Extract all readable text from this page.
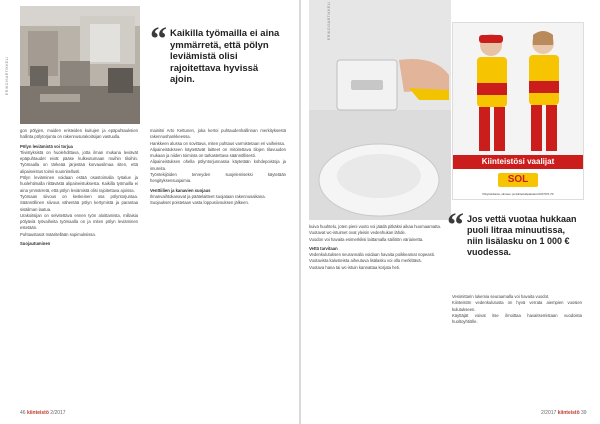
ERIKOISARTIKKELI
“ Kaikilla työmailla ei aina ymmärretä, että pölyn leviämistä olisi rajoitettava hyvissä ajoin.

gon pölyjen, muiden eristeiden kuitujen ja epäpuhtauksien hallinta pölytorjunta on rakennusurakoitsijan vastuulla.

Pölyn leviämistä voi torjua

Tiivistyksistä on huolehdittava, jotta ilman mukana leviävät epäpuhtaudet eivät pääse kulkeutumaan muihin tiloihin. Työmaalla on tärkeää järjestää korvausilmaa siten, että alipaineistus toimii suunnitellusti.

Pölyn leviäminen voidaan estää osastoimalla työalue ja huolehtimalla riittävästä alipaineistuksesta. Kaikilla työmailla ei aina ymmärretä, että pölyn leviämistä olisi rajoitettava ajoissa.

Työmaan siivous on keskeinen osa pölyntorjuntaa. Säännöllinen siivous vähentää pölyn kertymistä ja parantaa sisäilman laatua.

Urakoitsijan on selvitettävä ennen työn aloittamista, millaisia pölyäviä työvaiheita työmaalla on ja miten pölyn leviäminen estetään.

Puhtaustasot määritellään sopimuksissa.

Suojautuminen

mainitsi Arto Kettunen, joka kertoi puhtaudenhallinnan merkityksestä rakennushankkeessa.

Hankkeen alussa on sovittava, miten puhtaus varmistetaan eri vaiheissa.

Alipaineistukseen käytettävät laitteet on mitoitettava tilojen tilavuuden mukaan ja niiden toiminta on tarkastettava säännöllisesti.

Alipaineistuksen ohella pölyntorjunnassa käytetään kohdepoistoja ja imureita.

Työntekijöiden terveyden suojelemiseksi käytetään hengityksensuojaimia.

Venttiilien ja kanavien suojaus

Ilmanvaihtokanavat ja päätelaitteet suojataan rakennusaikana.

Suojaukset poistetaan vasta loppusiivouksen jälkeen.

46 kiinteistö 2/2017
ERIKOISARTIKKELI
Kiinteistösi vaalijat
SOL
Pölynsidonta, siivous- ja kiinteistöpalvelut 020 570 70
“ Jos vettä vuotaa hukkaan puoli litraa minuutissa, niin lisälasku on 1 000 € vuodessa.

kuiva huuhtelu, joten pieni vuoto voi jäädä pitkäksi aikaa huomaamatta.

Vuotavat wc-istuimet ovat yleisin vedenhukan lähde.

Vuodon voi havaita esimerkiksi laittamalla säiliöön väriainetta.

Vettä tarvitaan

Vedenkulutuksen seurannalla voidaan havaita poikkeamat nopeasti.

Vuotavista kalusteista aiheutuva lisälasku voi olla merkittävä.

Vuotava hana tai wc-istuin kannattaa korjata heti.

Vesimittarin lukemia seuraamalla voi havaita vuodot.

Kiinteistön vedenkulutusta on hyvä verrata aiempien vuosien kulutukseen.

Käyttäjät voivat itse ilmoittaa havaitsemistaan vuodoista huoltoyhtiölle.

2/2017 kiinteistö 39
